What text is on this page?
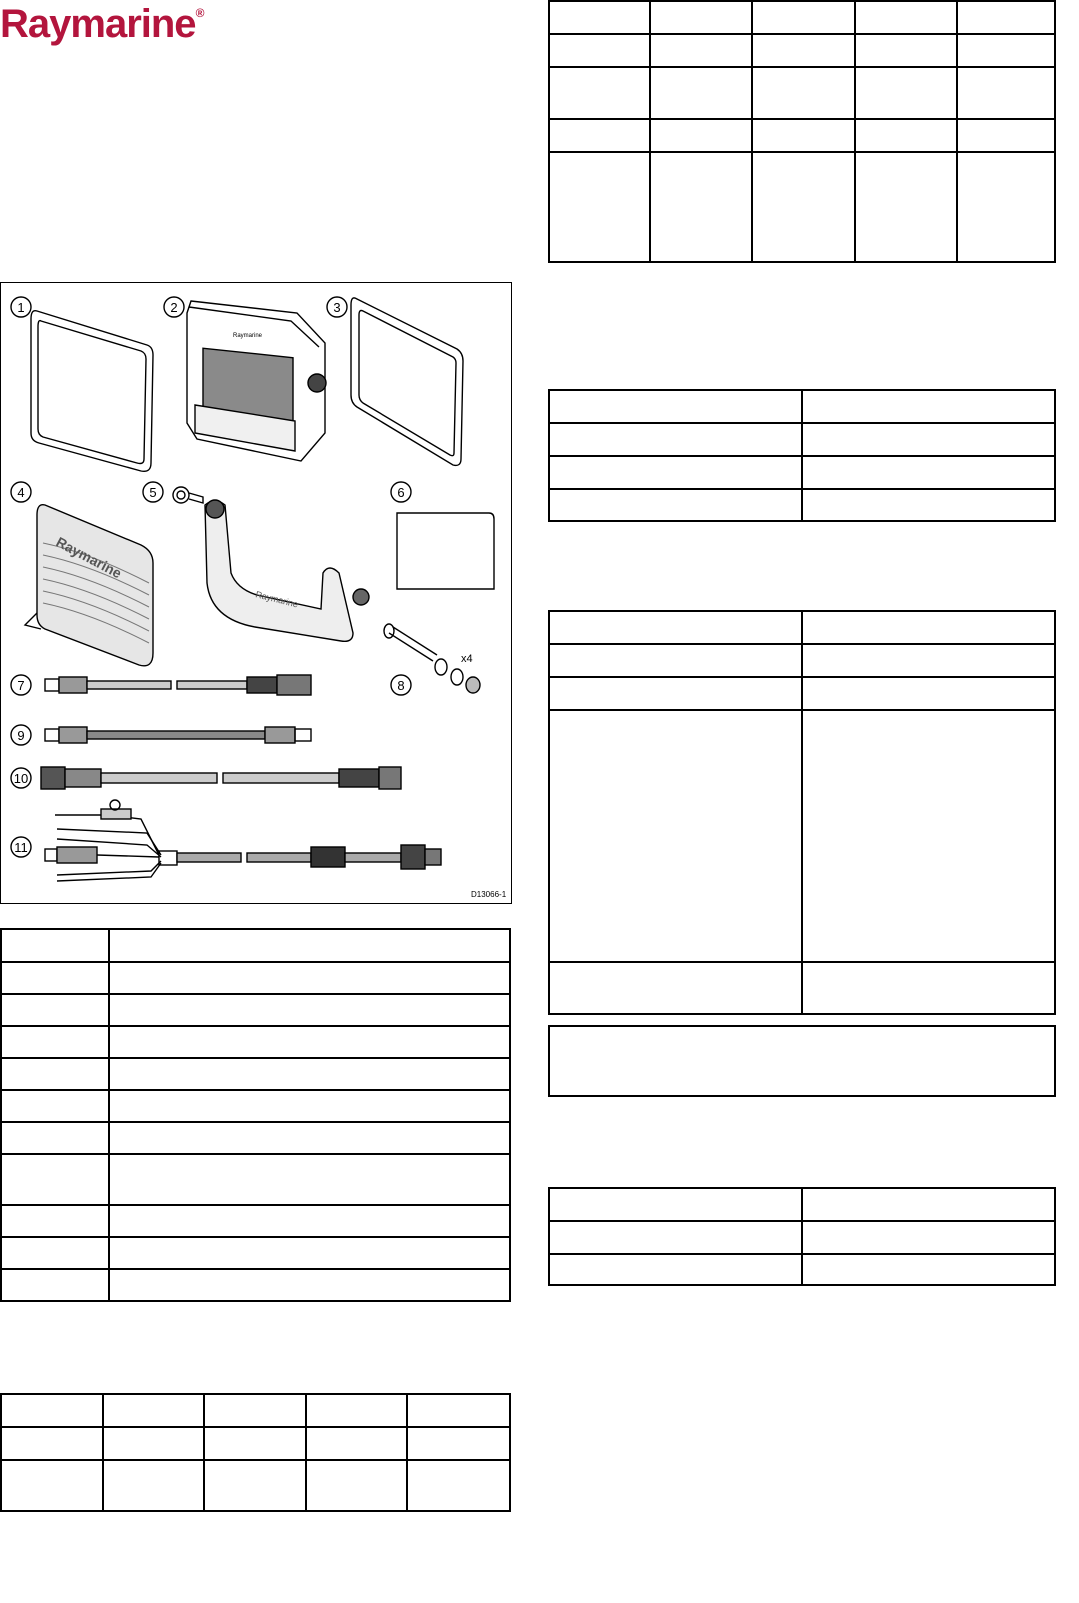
Raymarine®

Raymarine
Raymarine
Raymarine
x4
1	2	3
4	5	6
7	8
9
10
11
D13066-1
